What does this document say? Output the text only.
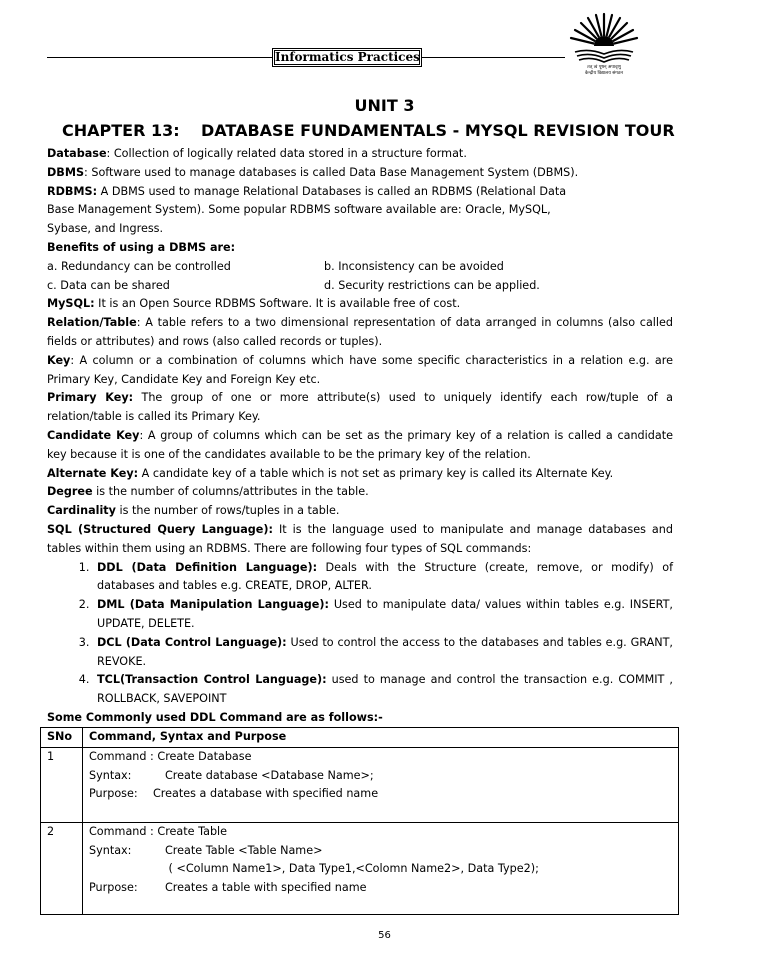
Informatics Practices
तत् त्वं पूषन् अपावृणु
केन्द्रीय विद्यालय संगठन
UNIT 3
CHAPTER 13: DATABASE FUNDAMENTALS - MYSQL REVISION TOUR

Database: Collection of logically related data stored in a structure format.

DBMS: Software used to manage databases is called Data Base Management System (DBMS).

RDBMS: A DBMS used to manage Relational Databases is called an RDBMS (Relational Data
Base Management System). Some popular RDBMS software available are: Oracle, MySQL,
Sybase, and Ingress.

Benefits of using a DBMS are:

a. Redundancy can be controlled	b. Inconsistency can be avoided
c. Data can be shared	d. Security restrictions can be applied.

MySQL: It is an Open Source RDBMS Software. It is available free of cost.

Relation/Table: A table refers to a two dimensional representation of data arranged in columns (also called fields or attributes) and rows (also called records or tuples).

Key: A column or a combination of columns which have some specific characteristics in a relation e.g. are Primary Key, Candidate Key and Foreign Key etc.

Primary Key: The group of one or more attribute(s) used to uniquely identify each row/tuple of a relation/table is called its Primary Key.

Candidate Key: A group of columns which can be set as the primary key of a relation is called a candidate key because it is one of the candidates available to be the primary key of the relation.

Alternate Key: A candidate key of a table which is not set as primary key is called its Alternate Key.

Degree is the number of columns/attributes in the table.

Cardinality is the number of rows/tuples in a table.

SQL (Structured Query Language): It is the language used to manipulate and manage databases and tables within them using an RDBMS. There are following four types of SQL commands:

1. DDL (Data Definition Language): Deals with the Structure (create, remove, or modify) of databases and tables e.g. CREATE, DROP, ALTER.
2. DML (Data Manipulation Language): Used to manipulate data/ values within tables e.g. INSERT, UPDATE, DELETE.
3. DCL (Data Control Language): Used to control the access to the databases and tables e.g. GRANT, REVOKE.
4. TCL(Transaction Control Language): used to manage and control the transaction e.g. COMMIT , ROLLBACK, SAVEPOINT

Some Commonly used DDL Command are as follows:-

SNo	Command, Syntax and Purpose
1	Command : Create Database
Syntax: Create database <Database Name>;
Purpose: Creates a database with specified name

2	Command : Create Table
Syntax: Create Table <Table Name>
( <Column Name1>, Data Type1,<Colomn Name2>, Data Type2);
Purpose: Creates a table with specified name
56
